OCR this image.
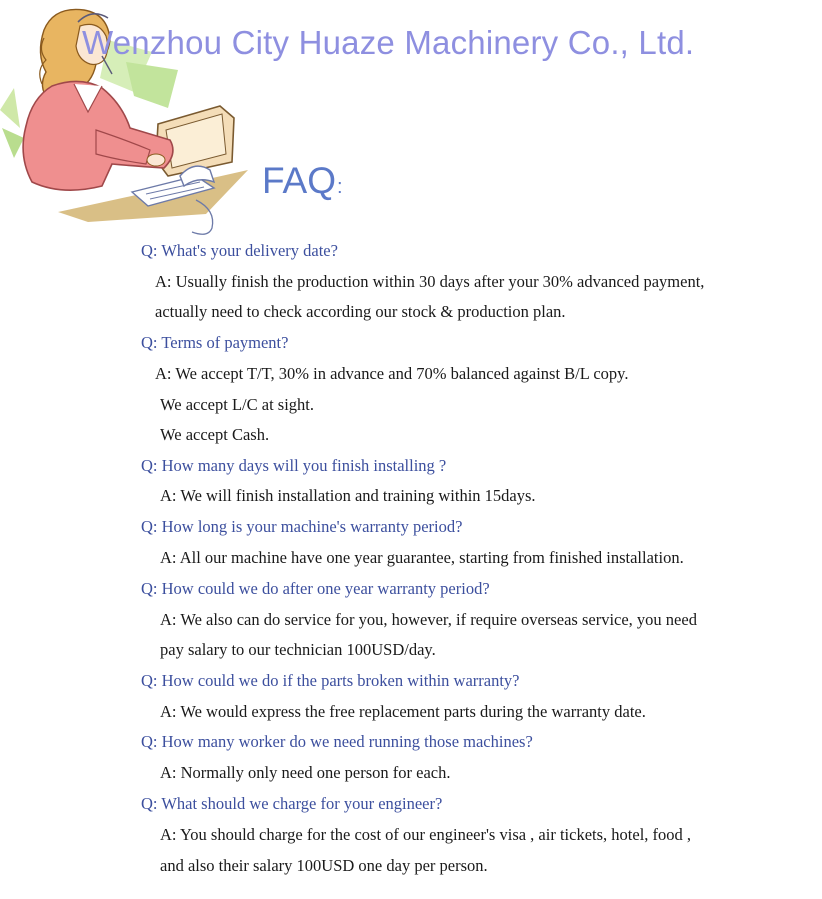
Wenzhou City Huaze Machinery Co., Ltd.
FAQ:
Q: What's your delivery date?
A: Usually finish the production within 30 days after your 30% advanced payment,
actually need to check according our stock & production plan.
Q: Terms of payment?
A: We accept T/T, 30% in advance and 70% balanced against B/L copy.
We accept L/C at sight.
We accept Cash.
Q: How many days will you finish installing ?
A: We will finish installation and training within 15days.
Q: How long is your machine's warranty period?
A: All our machine have one year guarantee, starting from finished installation.
Q: How could we do after one year warranty period?
A: We also can do service for you, however, if require overseas service, you need
pay salary to our technician 100USD/day.
Q: How could we do if the parts broken within warranty?
A: We would express the free replacement parts during the warranty date.
Q: How many worker do we need running those machines?
A: Normally only need one person for each.
Q: What should we charge for your engineer?
A: You should charge for the cost of our engineer's visa , air tickets, hotel, food ,
and also their salary 100USD one day per person.
